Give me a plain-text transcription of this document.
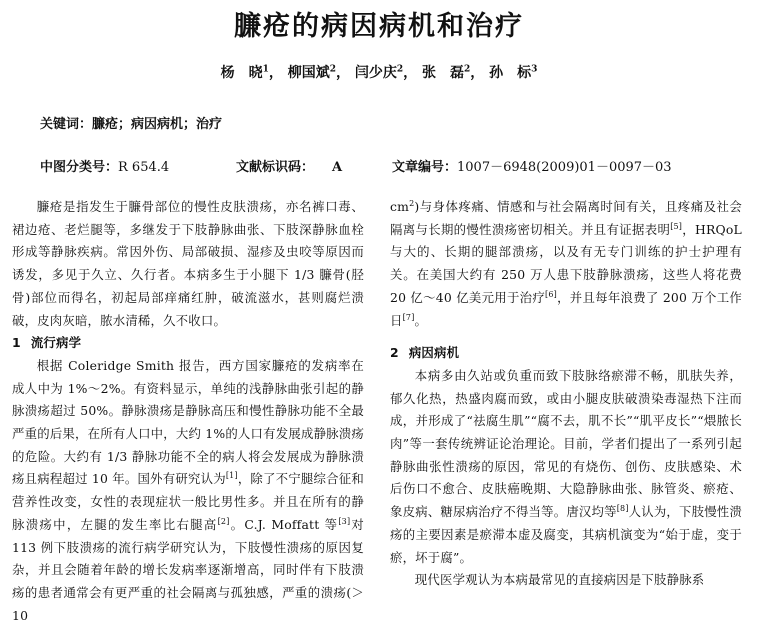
臁疮的病因病机和治疗
杨　晓$^1$， 柳国斌$^2$， 闫少庆$^2$， 张　磊$^2$， 孙　标$^3$
关键词：臁疮；病因病机；治疗
中图分类号：R 654.4	文献标识码： A	文章编号：1007－6948(2009)01－0097－03

臁疮是指发生于臁骨部位的慢性皮肤溃疡，亦名裤口毒、裙边疮、老烂腿等，多继发于下肢静脉曲张、下肢深静脉血栓形成等静脉疾病。常因外伤、局部破损、湿疹及虫咬等原因而诱发，多见于久立、久行者。本病多生于小腿下 1/3 臁骨(胫骨)部位而得名，初起局部痒痛红肿，破流滋水，甚则腐烂溃破，皮肉灰暗，脓水清稀，久不收口。

1 流行病学

根据 Coleridge Smith 报告，西方国家臁疮的发病率在成人中为 1%～2%。有资料显示，单纯的浅静脉曲张引起的静脉溃疡超过 50%。静脉溃疡是静脉高压和慢性静脉功能不全最严重的后果，在所有人口中，大约 1%的人口有发展成静脉溃疡的危险。大约有 1/3 静脉功能不全的病人将会发展成为静脉溃疡且病程超过 10 年。国外有研究认为[1]，除了不宁腿综合征和营养性改变，女性的表现症状一般比男性多。并且在所有的静脉溃疡中，左腿的发生率比右腿高[2]。C.J. Moffatt 等[3]对 113 例下肢溃疡的流行病学研究认为，下肢慢性溃疡的原因复杂，并且会随着年龄的增长发病率逐渐增高，同时伴有下肢溃疡的患者通常会有更严重的社会隔离与孤独感，严重的溃疡(＞10

$cm^2$)与身体疼痛、情感和与社会隔离时间有关，且疼痛及社会隔离与长期的慢性溃疡密切相关。并且有证据表明[5]，HRQoL 与大的、长期的腿部溃疡，以及有无专门训练的护士护理有关。在美国大约有 250 万人患下肢静脉溃疡，这些人将花费 20 亿～40 亿美元用于治疗[6]，并且每年浪费了 200 万个工作日[7]。

2 病因病机

本病多由久站或负重而致下肢脉络瘀滞不畅，肌肤失养，郁久化热，热盛肉腐而致，或由小腿皮肤破溃染毒湿热下注而成，并形成了“祛腐生肌”“腐不去，肌不长”“肌平皮长”“煨脓长肉”等一套传统辨证论治理论。目前，学者们提出了一系列引起静脉曲张性溃疡的原因，常见的有烧伤、创伤、皮肤感染、术后伤口不愈合、皮肤癌晚期、大隐静脉曲张、脉管炎、瘀疮、象皮病、糖尿病治疗不得当等。唐汉均等[8]人认为，下肢慢性溃疡的主要因素是瘀滞本虚及腐变，其病机演变为“始于虚，变于瘀，坏于腐”。

现代医学观认为本病最常见的直接病因是下肢静脉系
